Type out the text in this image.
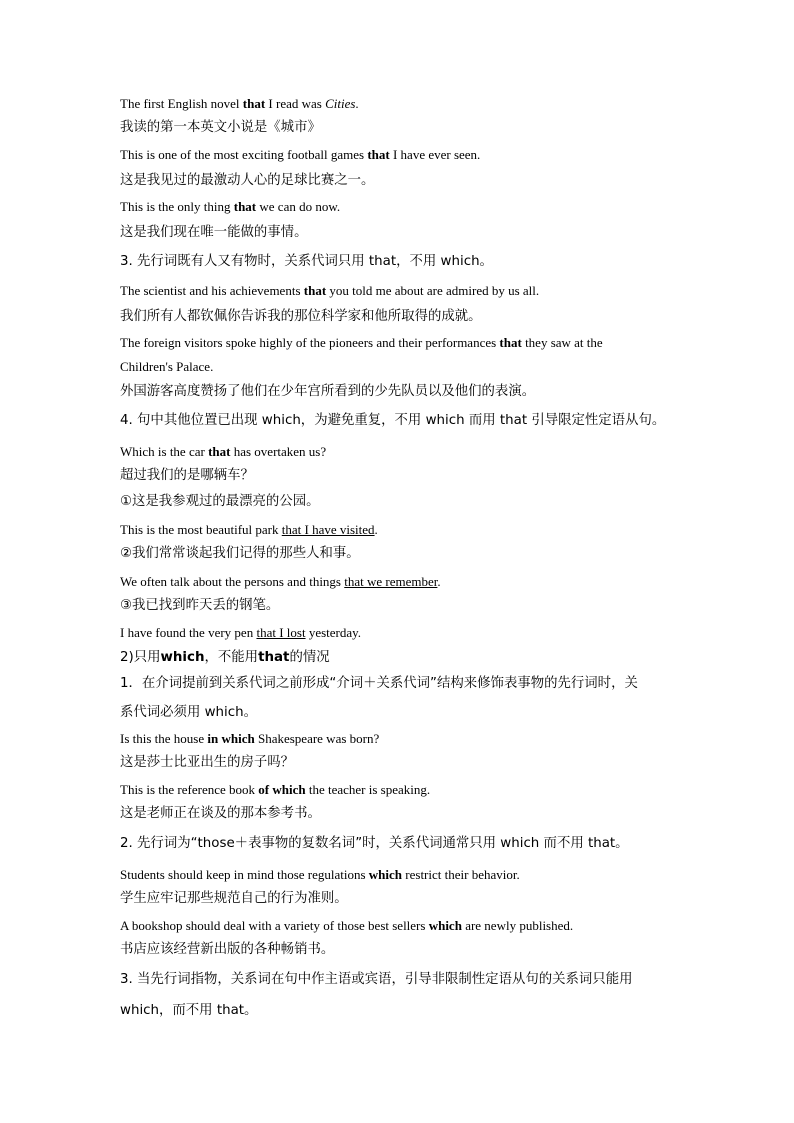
The first English novel that I read was Cities.
我读的第一本英文小说是《城市》
This is one of the most exciting football games that I have ever seen.
这是我见过的最激动人心的足球比赛之一。
This is the only thing that we can do now.
这是我们现在唯一能做的事情。
3. 先行词既有人又有物时，关系代词只用 that，不用 which。
The scientist and his achievements that you told me about are admired by us all.
我们所有人都钦佩你告诉我的那位科学家和他所取得的成就。
The foreign visitors spoke highly of the pioneers and their performances that they saw at the
Children's Palace.
外国游客高度赞扬了他们在少年宫所看到的少先队员以及他们的表演。
4. 句中其他位置已出现 which，为避免重复，不用 which 而用 that 引导限定性定语从句。
Which is the car that has overtaken us?
超过我们的是哪辆车？
①这是我参观过的最漂亮的公园。
This is the most beautiful park that I have visited.
②我们常常谈起我们记得的那些人和事。
We often talk about the persons and things that we remember.
③我已找到昨天丢的钢笔。
I have found the very pen that I lost yesterday.
2)只用which，不能用that的情况
1．在介词提前到关系代词之前形成“介词＋关系代词”结构来修饰表事物的先行词时，关
系代词必须用 which。
Is this the house in which Shakespeare was born?
这是莎士比亚出生的房子吗？
This is the reference book of which the teacher is speaking.
这是老师正在谈及的那本参考书。
2. 先行词为“those＋表事物的复数名词”时，关系代词通常只用 which 而不用 that。
Students should keep in mind those regulations which restrict their behavior.
学生应牢记那些规范自己的行为准则。
A bookshop should deal with a variety of those best sellers which are newly published.
书店应该经营新出版的各种畅销书。
3. 当先行词指物，关系词在句中作主语或宾语，引导非限制性定语从句的关系词只能用
which，而不用 that。
